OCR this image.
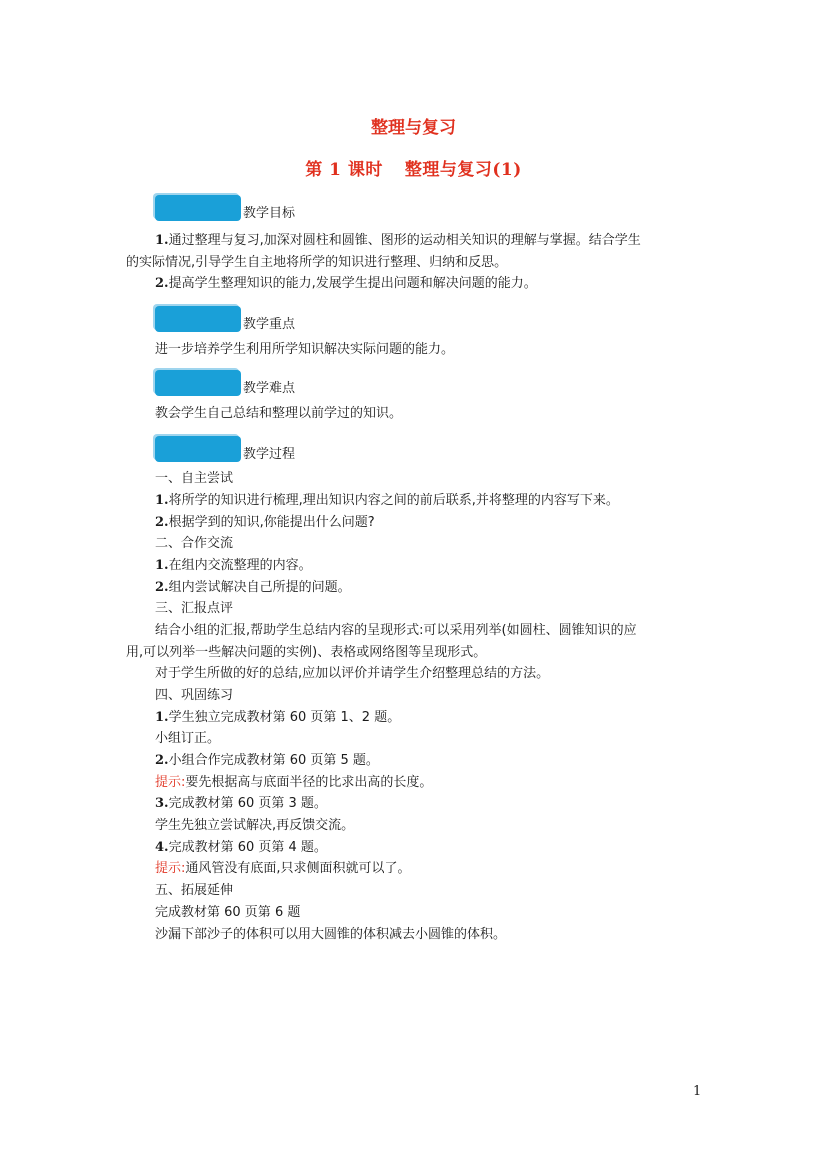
整理与复习
第 1 课时 整理与复习(1)
教学目标
1.通过整理与复习,加深对圆柱和圆锥、图形的运动相关知识的理解与掌握。结合学生
的实际情况,引导学生自主地将所学的知识进行整理、归纳和反思。
2.提高学生整理知识的能力,发展学生提出问题和解决问题的能力。
教学重点
进一步培养学生利用所学知识解决实际问题的能力。
教学难点
教会学生自己总结和整理以前学过的知识。
教学过程
一、自主尝试
1.将所学的知识进行梳理,理出知识内容之间的前后联系,并将整理的内容写下来。
2.根据学到的知识,你能提出什么问题?
二、合作交流
1.在组内交流整理的内容。
2.组内尝试解决自己所提的问题。
三、汇报点评
结合小组的汇报,帮助学生总结内容的呈现形式:可以采用列举(如圆柱、圆锥知识的应
用,可以列举一些解决问题的实例)、表格或网络图等呈现形式。
对于学生所做的好的总结,应加以评价并请学生介绍整理总结的方法。
四、巩固练习
1.学生独立完成教材第 60 页第 1、2 题。
小组订正。
2.小组合作完成教材第 60 页第 5 题。
提示:要先根据高与底面半径的比求出高的长度。
3.完成教材第 60 页第 3 题。
学生先独立尝试解决,再反馈交流。
4.完成教材第 60 页第 4 题。
提示:通风管没有底面,只求侧面积就可以了。
五、拓展延伸
完成教材第 60 页第 6 题
沙漏下部沙子的体积可以用大圆锥的体积减去小圆锥的体积。
1
